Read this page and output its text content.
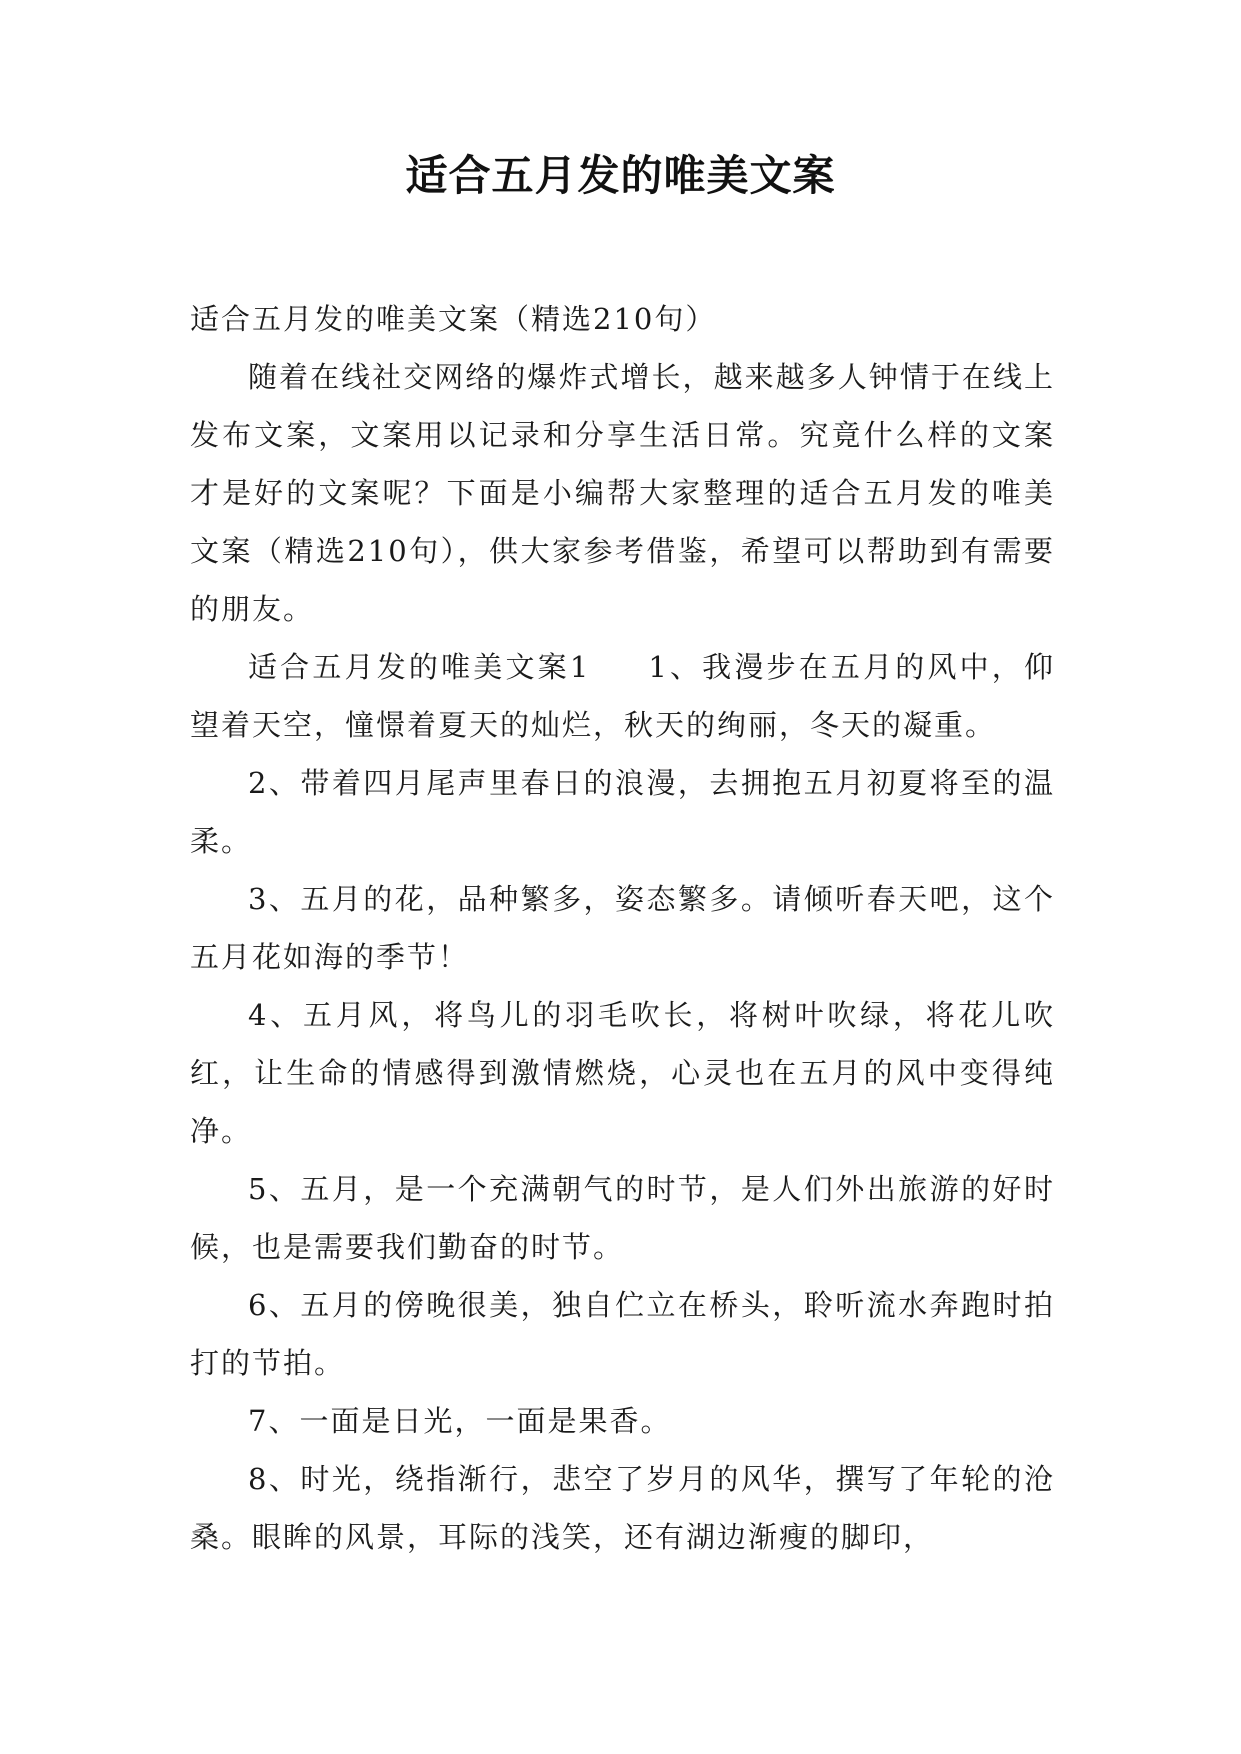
适合五月发的唯美文案

适合五月发的唯美文案（精选210句）

随着在线社交网络的爆炸式增长，越来越多人钟情于在线上发布文案，文案用以记录和分享生活日常。究竟什么样的文案才是好的文案呢？下面是小编帮大家整理的适合五月发的唯美文案（精选210句），供大家参考借鉴，希望可以帮助到有需要的朋友。

适合五月发的唯美文案1 1、我漫步在五月的风中，仰望着天空，憧憬着夏天的灿烂，秋天的绚丽，冬天的凝重。

2、带着四月尾声里春日的浪漫，去拥抱五月初夏将至的温柔。

3、五月的花，品种繁多，姿态繁多。请倾听春天吧，这个五月花如海的季节！

4、五月风，将鸟儿的羽毛吹长，将树叶吹绿，将花儿吹红，让生命的情感得到激情燃烧，心灵也在五月的风中变得纯净。

5、五月，是一个充满朝气的时节，是人们外出旅游的好时候，也是需要我们勤奋的时节。

6、五月的傍晚很美，独自伫立在桥头，聆听流水奔跑时拍打的节拍。

7、一面是日光，一面是果香。

8、时光，绕指渐行，悲空了岁月的风华，撰写了年轮的沧桑。眼眸的风景，耳际的浅笑，还有湖边渐瘦的脚印，
